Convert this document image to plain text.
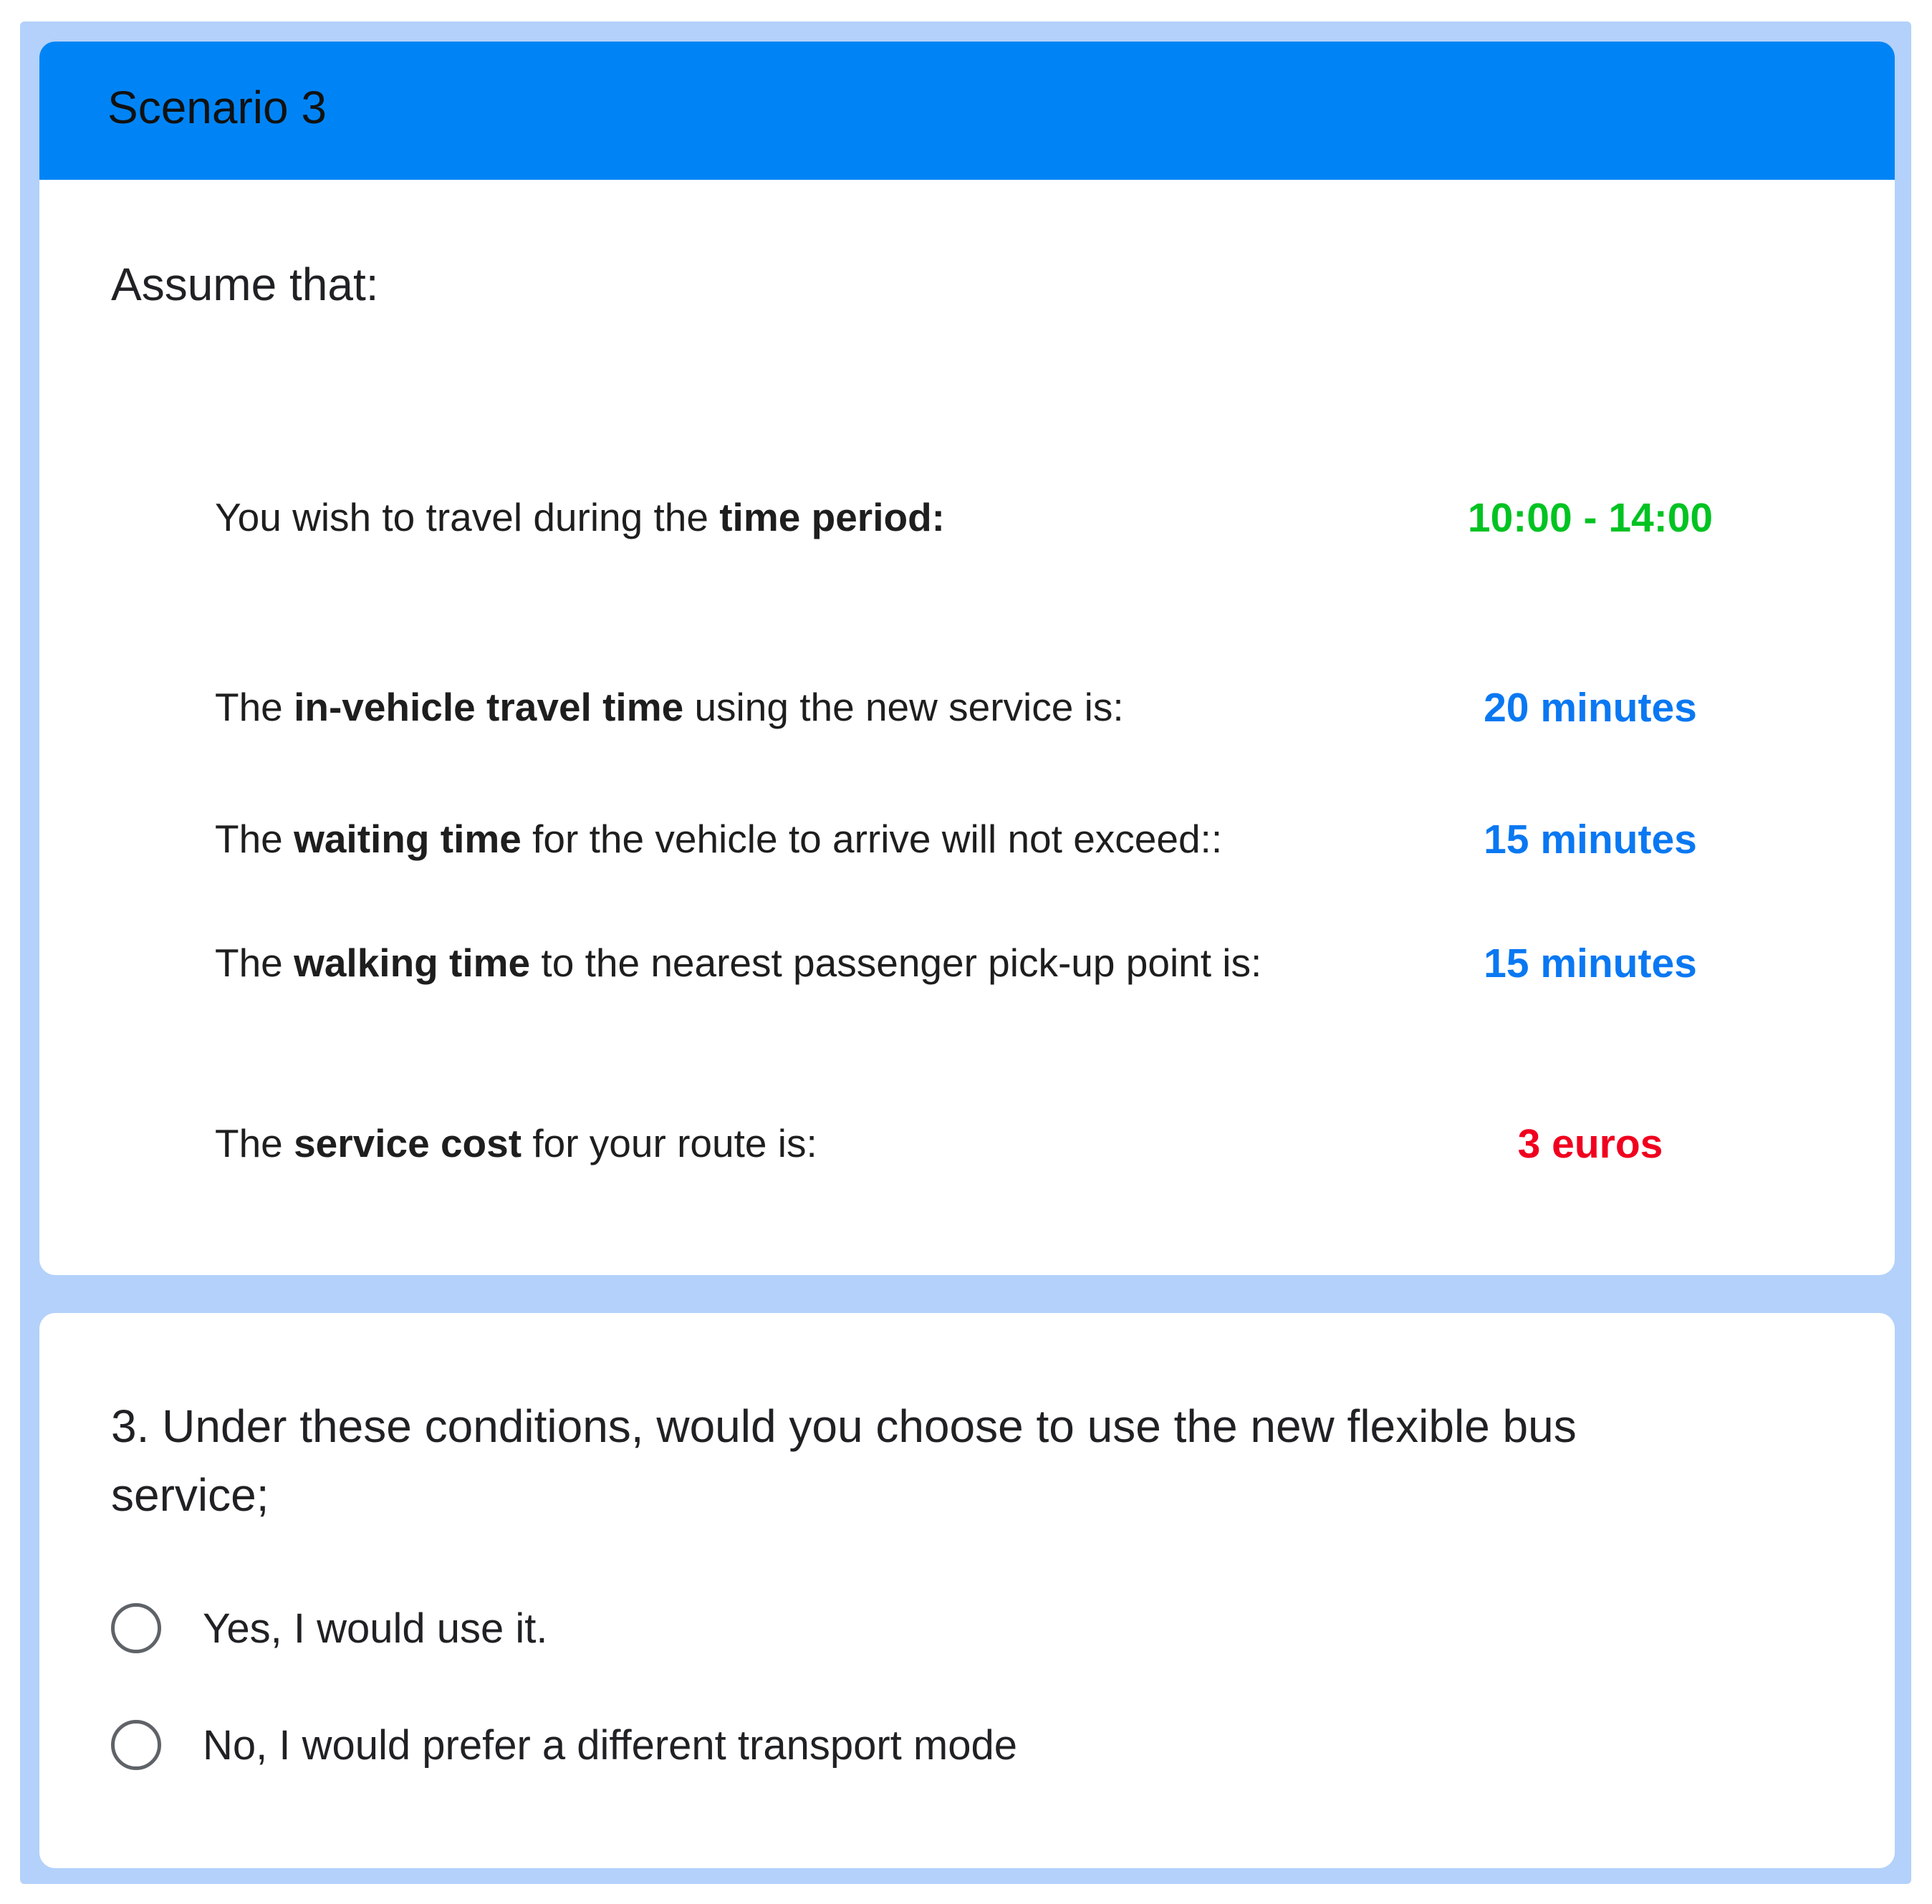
Scenario 3
Assume that:
You wish to travel during the time period:	10:00 - 14:00
The in-vehicle travel time using the new service is:	20 minutes
The waiting time for the vehicle to arrive will not exceed::	15 minutes
The walking time to the nearest passenger pick-up point is:	15 minutes
The service cost for your route is:	3 euros
3. Under these conditions, would you choose to use the new flexible bus service;
Yes, I would use it.
No, I would prefer a different transport mode
